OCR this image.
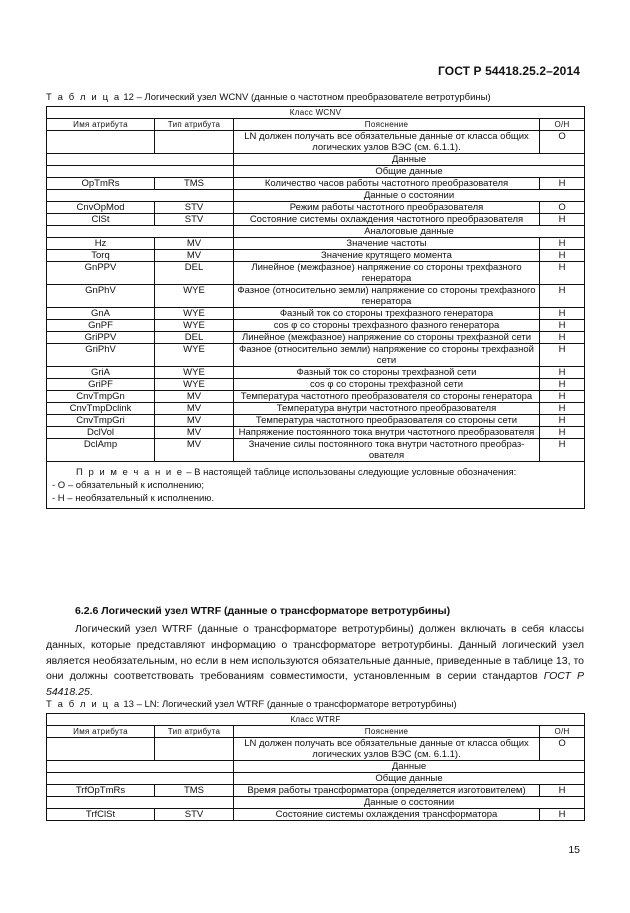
ГОСТ Р 54418.25.2–2014
Т а б л и ц а 12 – Логический узел WCNV (данные о частотном преобразователе ветротурбины)
Класс WCNV			
Имя атрибута	Тип атрибута	Пояснение	О/Н
		LN должен получать все обязательные данные от класса общих логических узлов ВЭС (см. 6.1.1).	О
		Данные	
		Общие данные	
OpTmRs	TMS	Количество часов работы частотного преобразователя	Н
		Данные о состоянии	
CnvOpMod	STV	Режим работы частотного преобразователя	О
ClSt	STV	Состояние системы охлаждения частотного преобразователя	Н
		Аналоговые данные	
Hz	MV	Значение частоты	Н
Torq	MV	Значение крутящего момента	Н
GnPPV	DEL	Линейное (межфазное) напряжение со стороны трехфазного генератора	Н
GnPhV	WYE	Фазное (относительно земли) напряжение со стороны трехфазного генератора	Н
GnA	WYE	Фазный ток со стороны трехфазного генератора	Н
GnPF	WYE	cos φ со стороны трехфазного фазного генератора	Н
GriPPV	DEL	Линейное (межфазное) напряжение со стороны трехфазной сети	Н
GriPhV	WYE	Фазное (относительно земли) напряжение со стороны трехфазной сети	Н
GriA	WYE	Фазный ток со стороны трехфазной сети	Н
GriPF	WYE	cos φ со стороны трехфазной сети	Н
CnvTmpGn	MV	Температура частотного преобразователя со стороны генератора	Н
CnvTmpDclink	MV	Температура внутри частотного преобразователя	Н
CnvTmpGri	MV	Температура частотного преобразователя со стороны сети	Н
DclVol	MV	Напряжение постоянного тока внутри частотного преобразователя	Н
DclAmp	MV	Значение силы постоянного тока внутри частотного преобразователя	Н

П р и м е ч а н и е – В настоящей таблице использованы следующие условные обозначения:
- О – обязательный к исполнению;
- Н – необязательный к исполнению.			
6.2.6 Логический узел WTRF (данные о трансформаторе ветротурбины)
Логический узел WTRF (данные о трансформаторе ветротурбины) должен включать в себя классы данных, которые представляют информацию о трансформаторе ветротурбины. Данный логический узел является необязательным, но если в нем используются обязательные данные, приведенные в таблице 13, то они должны соответствовать требованиям совместимости, установленным в серии стандартов ГОСТ Р 54418.25.
Т а б л и ц а 13 – LN: Логический узел WTRF (данные о трансформаторе ветротурбины)
Класс WTRF			
Имя атрибута	Тип атрибута	Пояснение	О/Н
		LN должен получать все обязательные данные от класса общих логических узлов ВЭС (см. 6.1.1).	О
		Данные	
		Общие данные	
TrfOpTmRs	TMS	Время работы трансформатора (определяется изготовителем)	Н
		Данные о состоянии	
TrfClSt	STV	Состояние системы охлаждения трансформатора	Н
15
